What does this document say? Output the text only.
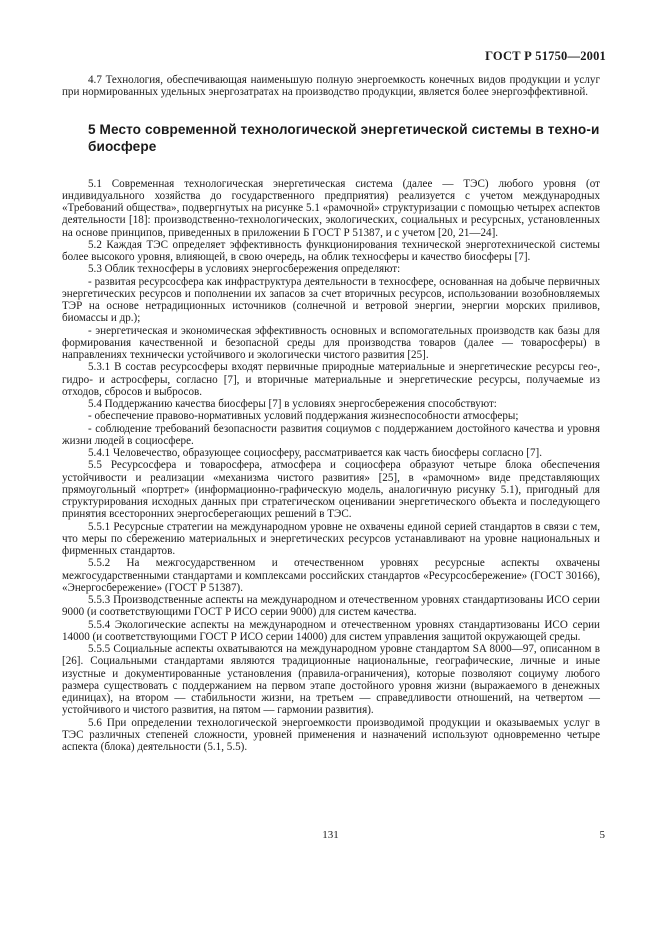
ГОСТ Р 51750—2001

4.7 Технология, обеспечивающая наименьшую полную энергоемкость конечных видов продукции и услуг при нормированных удельных энергозатратах на производство продукции, является более энергоэффективной.

5 Место современной технологической энергетической системы в техно-и биосфере

5.1 Современная технологическая энергетическая система (далее — ТЭС) любого уровня (от индивидуального хозяйства до государственного предприятия) реализуется с учетом международных «Требований общества», подвергнутых на рисунке 5.1 «рамочной» структуризации с помощью четырех аспектов деятельности [18]: производственно-технологических, экологических, социальных и ресурсных, установленных на основе принципов, приведенных в приложении Б ГОСТ Р 51387, и с учетом [20, 21—24].

5.2 Каждая ТЭС определяет эффективность функционирования технической энерготехнической системы более высокого уровня, влияющей, в свою очередь, на облик техносферы и качество биосферы [7].

5.3 Облик техносферы в условиях энергосбережения определяют:

- развитая ресурсосфера как инфраструктура деятельности в техносфере, основанная на добыче первичных энергетических ресурсов и пополнении их запасов за счет вторичных ресурсов, использовании возобновляемых ТЭР на основе нетрадиционных источников (солнечной и ветровой энергии, энергии морских приливов, биомассы и др.);

- энергетическая и экономическая эффективность основных и вспомогательных производств как базы для формирования качественной и безопасной среды для производства товаров (далее — товаросферы) в направлениях технически устойчивого и экологически чистого развития [25].

5.3.1 В состав ресурсосферы входят первичные природные материальные и энергетические ресурсы гео-, гидро- и астросферы, согласно [7], и вторичные материальные и энергетические ресурсы, получаемые из отходов, сбросов и выбросов.

5.4 Поддержанию качества биосферы [7] в условиях энергосбережения способствуют:

- обеспечение правово-нормативных условий поддержания жизнеспособности атмосферы;

- соблюдение требований безопасности развития социумов с поддержанием достойного качества и уровня жизни людей в социосфере.

5.4.1 Человечество, образующее социосферу, рассматривается как часть биосферы согласно [7].

5.5 Ресурсосфера и товаросфера, атмосфера и социосфера образуют четыре блока обеспечения устойчивости и реализации «механизма чистого развития» [25], в «рамочном» виде представляющих прямоугольный «портрет» (информационно-графическую модель, аналогичную рисунку 5.1), пригодный для структурирования исходных данных при стратегическом оценивании энергетического объекта и последующего принятия всесторонних энергосберегающих решений в ТЭС.

5.5.1 Ресурсные стратегии на международном уровне не охвачены единой серией стандартов в связи с тем, что меры по сбережению материальных и энергетических ресурсов устанавливают на уровне национальных и фирменных стандартов.

5.5.2 На межгосударственном и отечественном уровнях ресурсные аспекты охвачены межгосударственными стандартами и комплексами российских стандартов «Ресурсосбережение» (ГОСТ 30166), «Энергосбережение» (ГОСТ Р 51387).

5.5.3 Производственные аспекты на международном и отечественном уровнях стандартизованы ИСО серии 9000 (и соответствующими ГОСТ Р ИСО серии 9000) для систем качества.

5.5.4 Экологические аспекты на международном и отечественном уровнях стандартизованы ИСО серии 14000 (и соответствующими ГОСТ Р ИСО серии 14000) для систем управления защитой окружающей среды.

5.5.5 Социальные аспекты охватываются на международном уровне стандартом SA 8000—97, описанном в [26]. Социальными стандартами являются традиционные национальные, географические, личные и иные изустные и документированные установления (правила-ограничения), которые позволяют социуму любого размера существовать с поддержанием на первом этапе достойного уровня жизни (выражаемого в денежных единицах), на втором — стабильности жизни, на третьем — справедливости отношений, на четвертом — устойчивого и чистого развития, на пятом — гармонии развития).

5.6 При определении технологической энергоемкости производимой продукции и оказываемых услуг в ТЭС различных степеней сложности, уровней применения и назначений используют одновременно четыре аспекта (блока) деятельности (5.1, 5.5).

131	5
